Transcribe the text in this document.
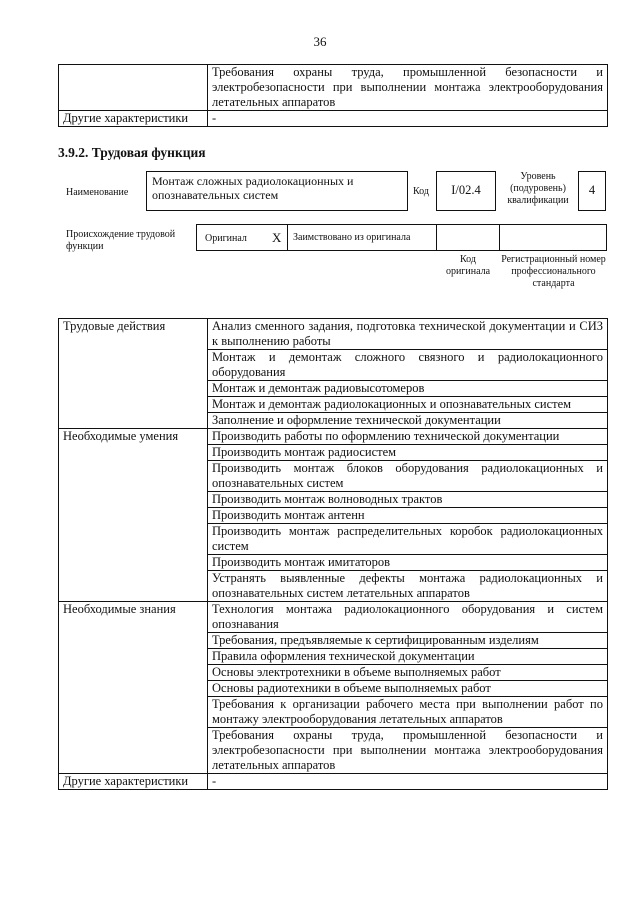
36
	Требования охраны труда, промышленной безопасности и электробезопасности при выполнении монтажа электрооборудования летательных аппаратов
Другие характеристики	-
3.9.2. Трудовая функция
Наименование
Монтаж сложных радиолокационных и опознавательных систем	Код	I/02.4
Уровень (подуровень) квалификации
4
Происхождение трудовой функции
Оригинал X Заимствовано из оригинала
Код оригинала
Регистрационный номер профессионального стандарта
Трудовые действия	Анализ сменного задания, подготовка технической документации и СИЗ к выполнению работы
	Монтаж и демонтаж сложного связного и радиолокационного оборудования
	Монтаж и демонтаж радиовысотомеров
	Монтаж и демонтаж радиолокационных и опознавательных систем
	Заполнение и оформление технической документации
Необходимые умения	Производить работы по оформлению технической документации
	Производить монтаж радиосистем
	Производить монтаж блоков оборудования радиолокационных и опознавательных систем
	Производить монтаж волноводных трактов
	Производить монтаж антенн
	Производить монтаж распределительных коробок радиолокационных систем
	Производить монтаж имитаторов
	Устранять выявленные дефекты монтажа радиолокационных и опознавательных систем летательных аппаратов
Необходимые знания	Технология монтажа радиолокационного оборудования и систем опознавания
	Требования, предъявляемые к сертифицированным изделиям
	Правила оформления технической документации
	Основы электротехники в объеме выполняемых работ
	Основы радиотехники в объеме выполняемых работ
	Требования к организации рабочего места при выполнении работ по монтажу электрооборудования летательных аппаратов
	Требования охраны труда, промышленной безопасности и электробезопасности при выполнении монтажа электрооборудования летательных аппаратов
Другие характеристики	-
